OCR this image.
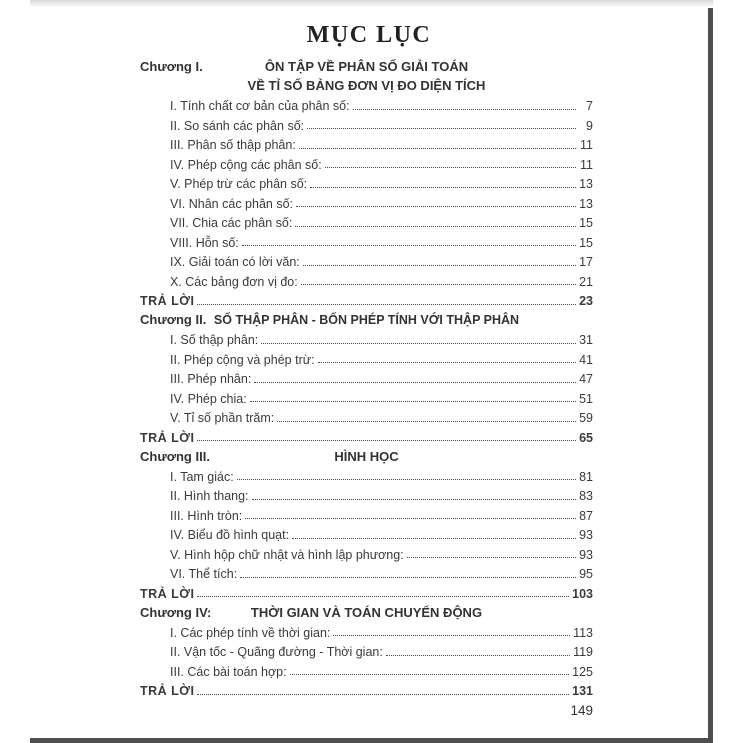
MỤC LỤC
Chương I.	ÔN TẬP VỀ PHÂN SỐ GIẢI TOÁN
VỀ TỈ SỐ BẢNG ĐƠN VỊ ĐO DIỆN TÍCH
I. Tính chất cơ bản của phân số:	7
II. So sánh các phân số:	9
III. Phân số thập phân:	11
IV. Phép cộng các phân số:	11
V. Phép trừ các phân số:	13
VI. Nhân các phân số:	13
VII. Chia các phân số:	15
VIII. Hỗn số:	15
IX. Giải toán có lời văn:	17
X. Các bảng đơn vị đo:	21
TRẢ LỜI	23
Chương II. SỐ THẬP PHÂN - BỐN PHÉP TÍNH VỚI THẬP PHÂN
I. Số thập phân:	31
II. Phép cộng và phép trừ:	41
III. Phép nhân:	47
IV. Phép chia:	51
V. Tỉ số phần trăm:	59
TRẢ LỜI	65
Chương III.	HÌNH HỌC
I. Tam giác:	81
II. Hình thang:	83
III. Hình tròn:	87
IV. Biểu đồ hình quạt:	93
V. Hình hộp chữ nhật và hình lập phương:	93
VI. Thể tích:	95
TRẢ LỜI	103
Chương IV:	THỜI GIAN VÀ TOÁN CHUYỂN ĐỘNG
I. Các phép tính về thời gian:	113
II. Vận tốc - Quãng đường - Thời gian:	119
III. Các bài toán hợp:	125
TRẢ LỜI	131
149
